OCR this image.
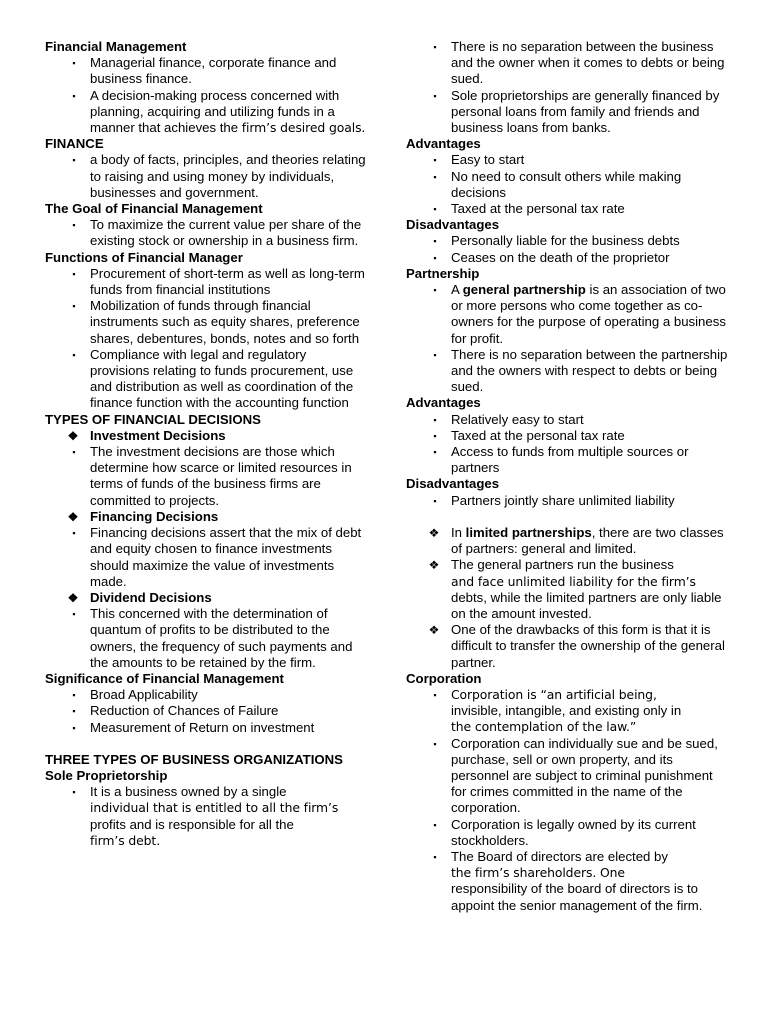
Financial Management

▪	Managerial finance, corporate finance and business finance.
▪	A decision-making process concerned with planning, acquiring and utilizing funds in a manner that achieves the firm’s desired goals.

FINANCE

▪	a body of facts, principles, and theories relating to raising and using money by individuals, businesses and government.

The Goal of Financial Management

▪	To maximize the current value per share of the existing stock or ownership in a business firm.

Functions of Financial Manager

▪	Procurement of short-term as well as long-term funds from financial institutions
▪	Mobilization of funds through financial instruments such as equity shares, preference shares, debentures, bonds, notes and so forth
▪	Compliance with legal and regulatory provisions relating to funds procurement, use and distribution as well as coordination of the finance function with the accounting function

TYPES OF FINANCIAL DECISIONS

❖ Investment Decisions
▪	The investment decisions are those which determine how scarce or limited resources in terms of funds of the business firms are committed to projects.
❖ Financing Decisions
▪	Financing decisions assert that the mix of debt and equity chosen to finance investments should maximize the value of investments made.
❖ Dividend Decisions
▪	This concerned with the determination of quantum of profits to be distributed to the owners, the frequency of such payments and the amounts to be retained by the firm.

Significance of Financial Management

▪	Broad Applicability
▪	Reduction of Chances of Failure
▪	Measurement of Return on investment

THREE TYPES OF BUSINESS ORGANIZATIONS

Sole Proprietorship

▪	It is a business owned by a single
individual that is entitled to all the firm’s
profits and is responsible for all the
firm’s debt.
▪	There is no separation between the business and the owner when it comes to debts or being sued.
▪	Sole proprietorships are generally financed by personal loans from family and friends and business loans from banks.

Advantages

▪	Easy to start
▪	No need to consult others while making decisions
▪	Taxed at the personal tax rate

Disadvantages

▪	Personally liable for the business debts
▪	Ceases on the death of the proprietor

Partnership

▪	A general partnership is an association of two or more persons who come together as co-owners for the purpose of operating a business for profit.
▪	There is no separation between the partnership and the owners with respect to debts or being sued.

Advantages

▪	Relatively easy to start
▪	Taxed at the personal tax rate
▪	Access to funds from multiple sources or partners

Disadvantages

▪	Partners jointly share unlimited liability
❖ In limited partnerships, there are two classes of partners: general and limited.
❖ The general partners run the business
and face unlimited liability for the firm’s
debts, while the limited partners are only liable on the amount invested.
❖ One of the drawbacks of this form is that it is difficult to transfer the ownership of the general partner.

Corporation

▪	Corporation is “an artificial being,
invisible, intangible, and existing only in
the contemplation of the law.”
▪	Corporation can individually sue and be sued, purchase, sell or own property, and its personnel are subject to criminal punishment for crimes committed in the name of the corporation.
▪	Corporation is legally owned by its current stockholders.
▪	The Board of directors are elected by
the firm’s shareholders. One
responsibility of the board of directors is to appoint the senior management of the firm.
